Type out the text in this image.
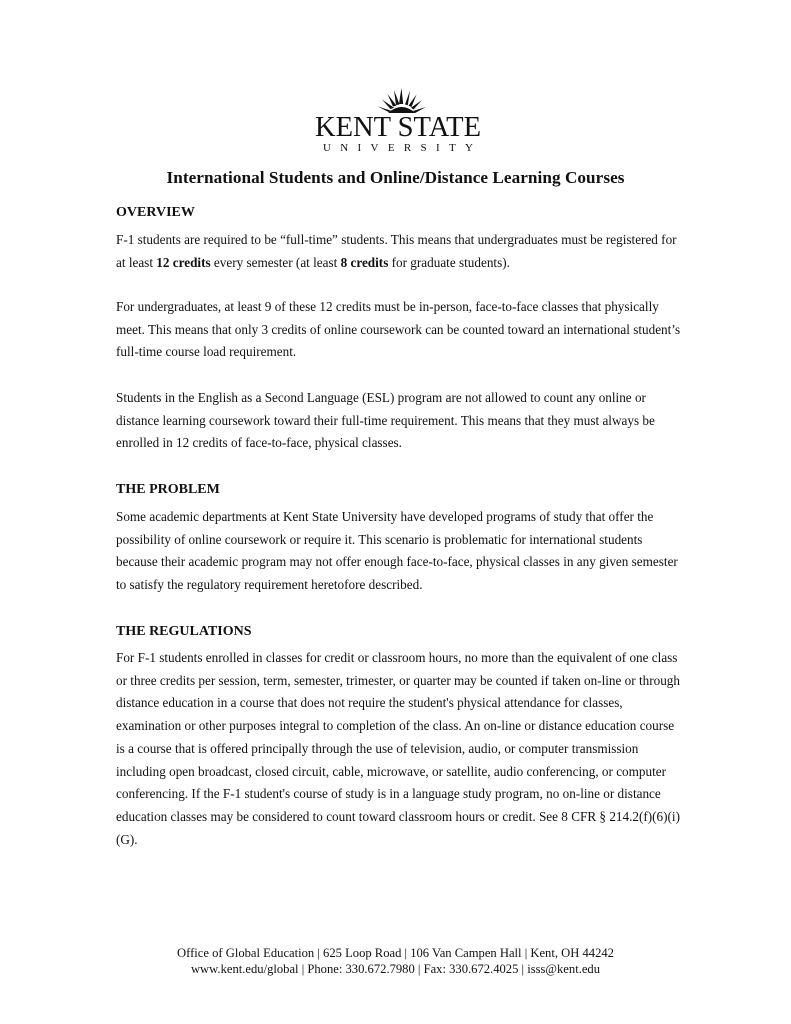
KENT STATE
UNIVERSITY
International Students and Online/Distance Learning Courses
OVERVIEW

F-1 students are required to be “full-time” students. This means that undergraduates must be registered for at least 12 credits every semester (at least 8 credits for graduate students).

For undergraduates, at least 9 of these 12 credits must be in-person, face-to-face classes that physically meet. This means that only 3 credits of online coursework can be counted toward an international student’s full-time course load requirement.

Students in the English as a Second Language (ESL) program are not allowed to count any online or distance learning coursework toward their full-time requirement. This means that they must always be enrolled in 12 credits of face-to-face, physical classes.

THE PROBLEM

Some academic departments at Kent State University have developed programs of study that offer the possibility of online coursework or require it. This scenario is problematic for international students because their academic program may not offer enough face-to-face, physical classes in any given semester to satisfy the regulatory requirement heretofore described.

THE REGULATIONS

For F-1 students enrolled in classes for credit or classroom hours, no more than the equivalent of one class or three credits per session, term, semester, trimester, or quarter may be counted if taken on-line or through distance education in a course that does not require the student's physical attendance for classes, examination or other purposes integral to completion of the class. An on-line or distance education course is a course that is offered principally through the use of television, audio, or computer transmission including open broadcast, closed circuit, cable, microwave, or satellite, audio conferencing, or computer conferencing. If the F-1 student's course of study is in a language study program, no on-line or distance education classes may be considered to count toward classroom hours or credit. See 8 CFR § 214.2(f)(6)(i)(G).

Office of Global Education | 625 Loop Road | 106 Van Campen Hall | Kent, OH 44242
www.kent.edu/global | Phone: 330.672.7980 | Fax: 330.672.4025 | isss@kent.edu
